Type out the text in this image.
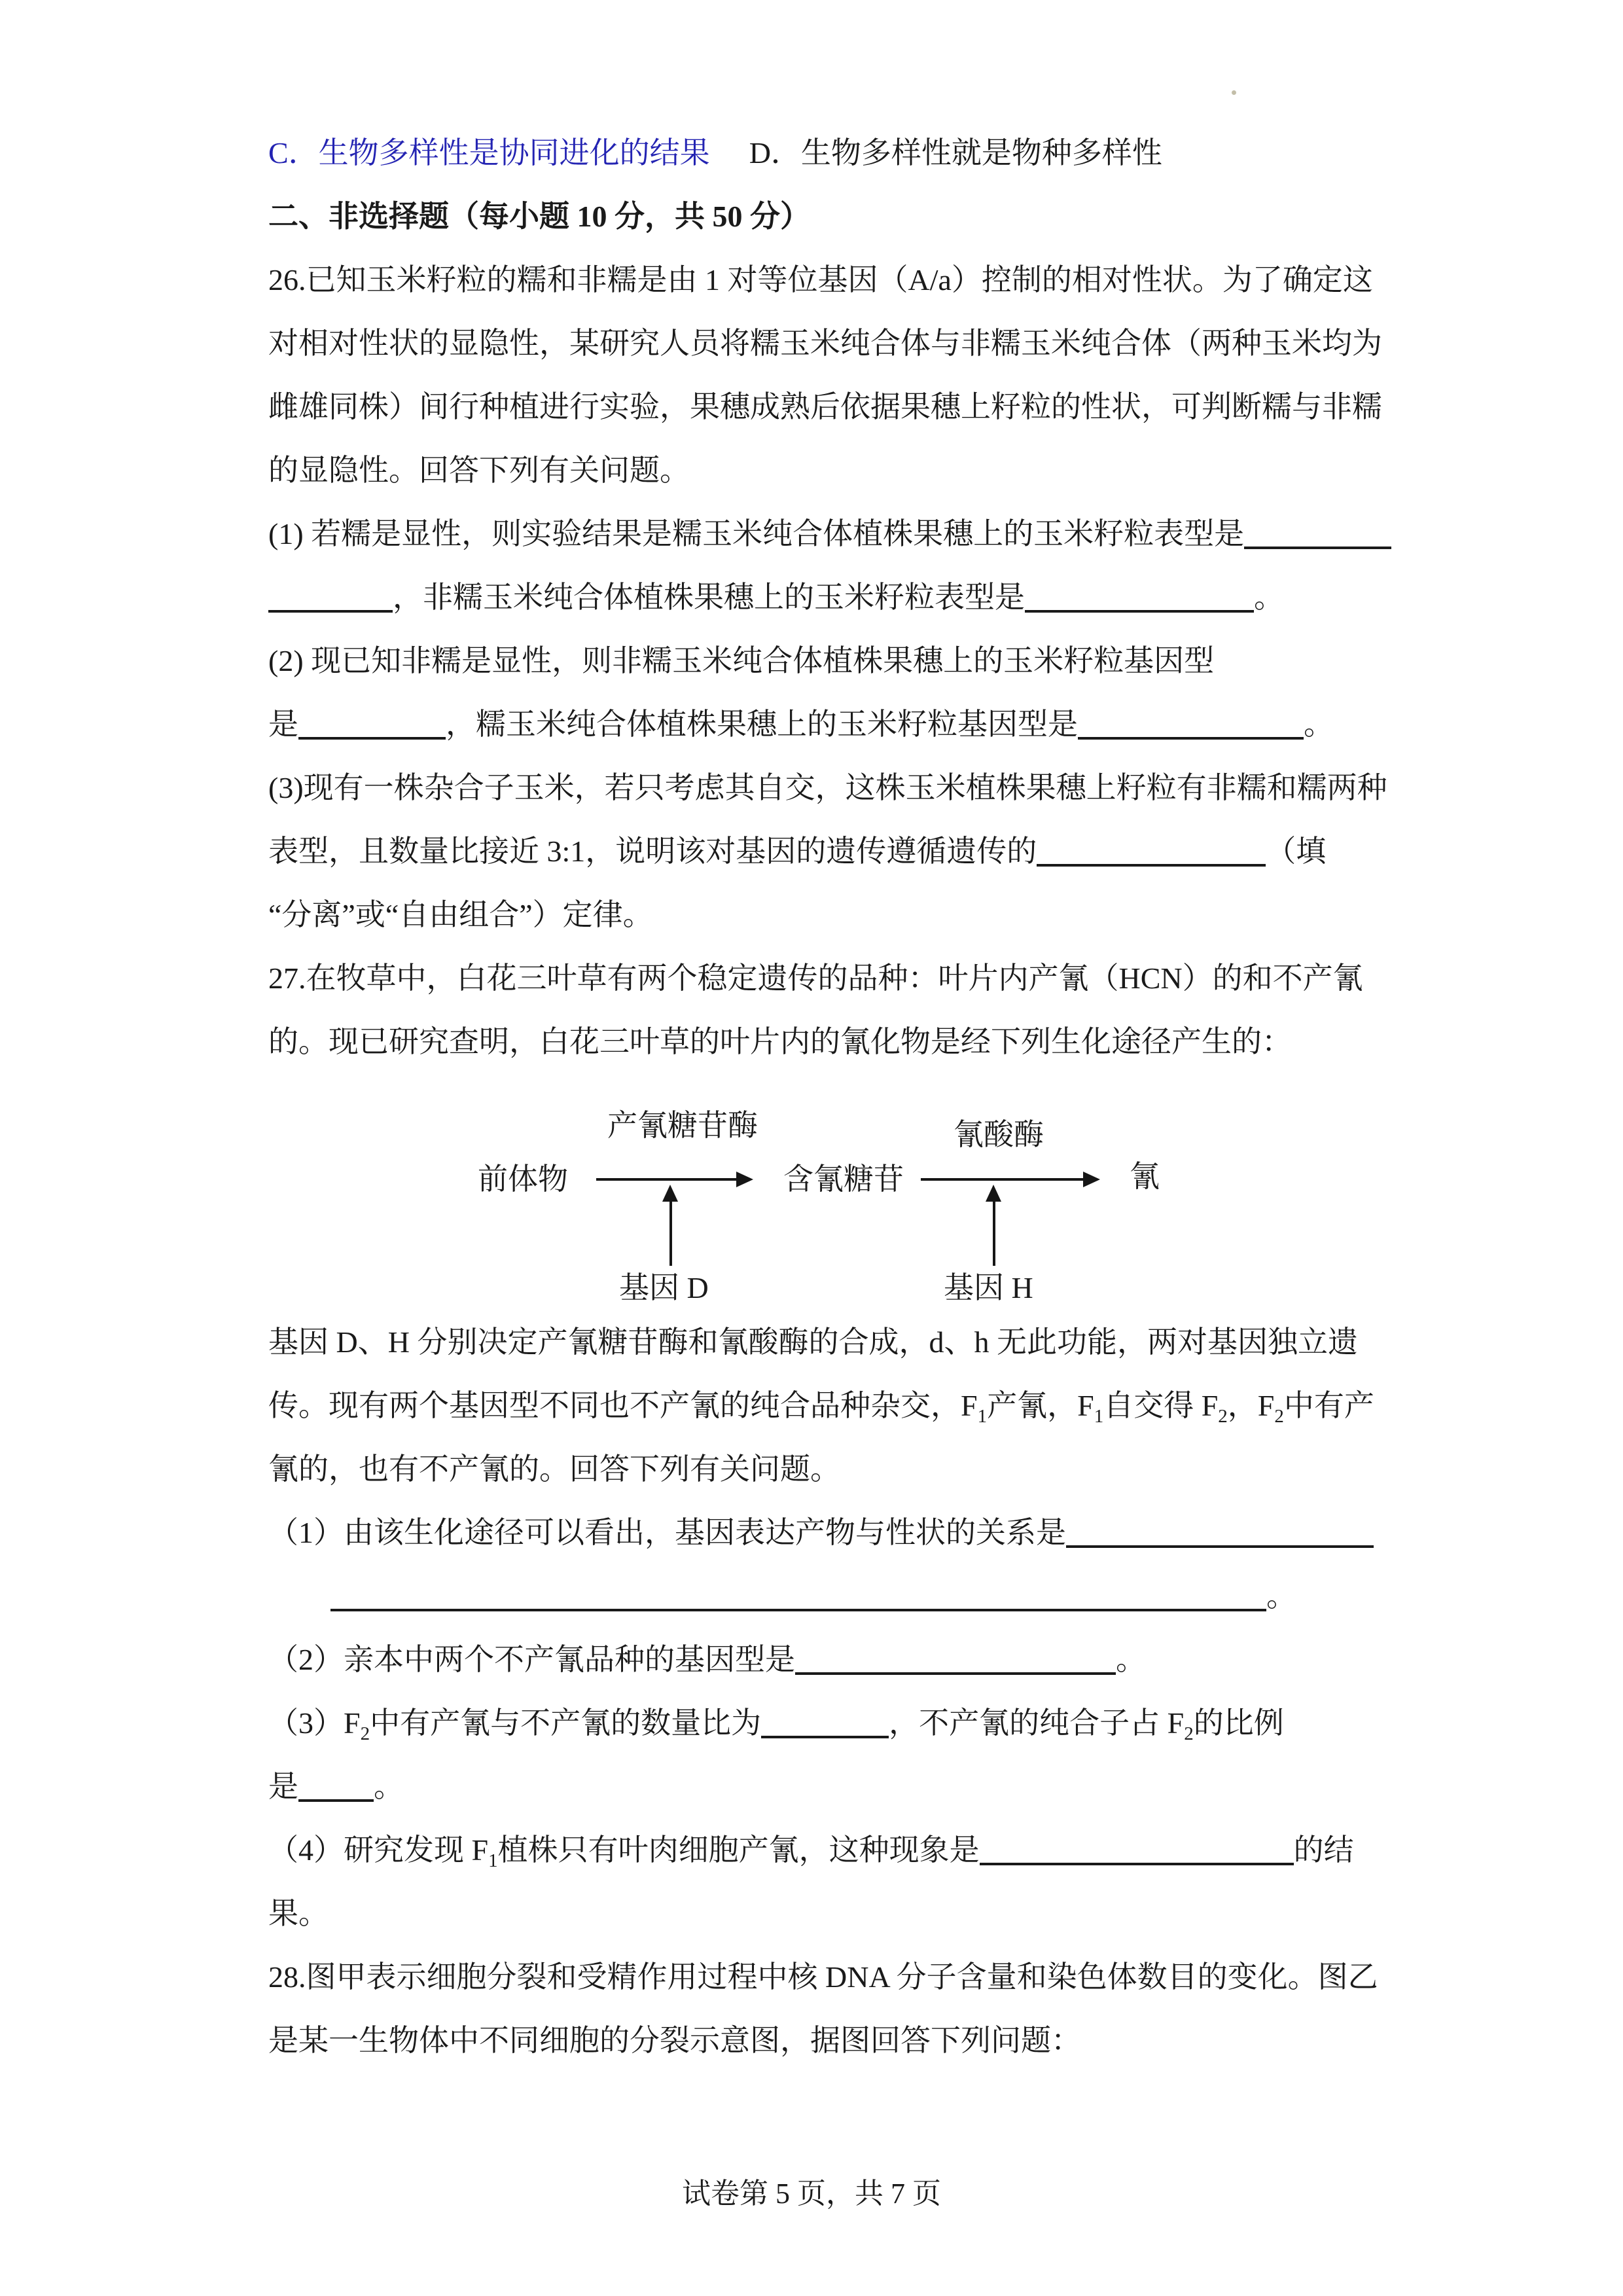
C．生物多样性是协同进化的结果 D．生物多样性就是物种多样性
二、非选择题（每小题 10 分，共 50 分）
26.已知玉米籽粒的糯和非糯是由 1 对等位基因（A/a）控制的相对性状。为了确定这
对相对性状的显隐性，某研究人员将糯玉米纯合体与非糯玉米纯合体（两种玉米均为
雌雄同株）间行种植进行实验，果穗成熟后依据果穗上籽粒的性状，可判断糯与非糯
的显隐性。回答下列有关问题。
(1) 若糯是显性，则实验结果是糯玉米纯合体植株果穗上的玉米籽粒表型是
，非糯玉米纯合体植株果穗上的玉米籽粒表型是	。
(2) 现已知非糯是显性，则非糯玉米纯合体植株果穗上的玉米籽粒基因型
是	，糯玉米纯合体植株果穗上的玉米籽粒基因型是	。
(3)现有一株杂合子玉米，若只考虑其自交，这株玉米植株果穗上籽粒有非糯和糯两种
表型，且数量比接近 3:1，说明该对基因的遗传遵循遗传的	（填
“分离”或“自由组合”）定律。
27.在牧草中，白花三叶草有两个稳定遗传的品种：叶片内产氰（HCN）的和不产氰
的。现已研究查明，白花三叶草的叶片内的氰化物是经下列生化途径产生的：
产氰糖苷酶	氰酸酶
前体物	含氰糖苷	氰
基因 D	基因 H
基因 D、H 分别决定产氰糖苷酶和氰酸酶的合成，d、h 无此功能，两对基因独立遗
传。现有两个基因型不同也不产氰的纯合品种杂交，$F_1$产氰，$F_1$自交得 $F_2$，$F_2$中有产
氰的，也有不产氰的。回答下列有关问题。
（1）由该生化途径可以看出，基因表达产物与性状的关系是
。
（2）亲本中两个不产氰品种的基因型是	。
$(3)F_2$中有产氰与不产氰的数量比为	，不产氰的纯合子占 $F_2$的比例
是	。
（4）研究发现 $F_1$植株只有叶肉细胞产氰，这种现象是	的结
果。
28.图甲表示细胞分裂和受精作用过程中核 DNA 分子含量和染色体数目的变化。图乙
是某一生物体中不同细胞的分裂示意图，据图回答下列问题：
试卷第 5 页，共 7 页
